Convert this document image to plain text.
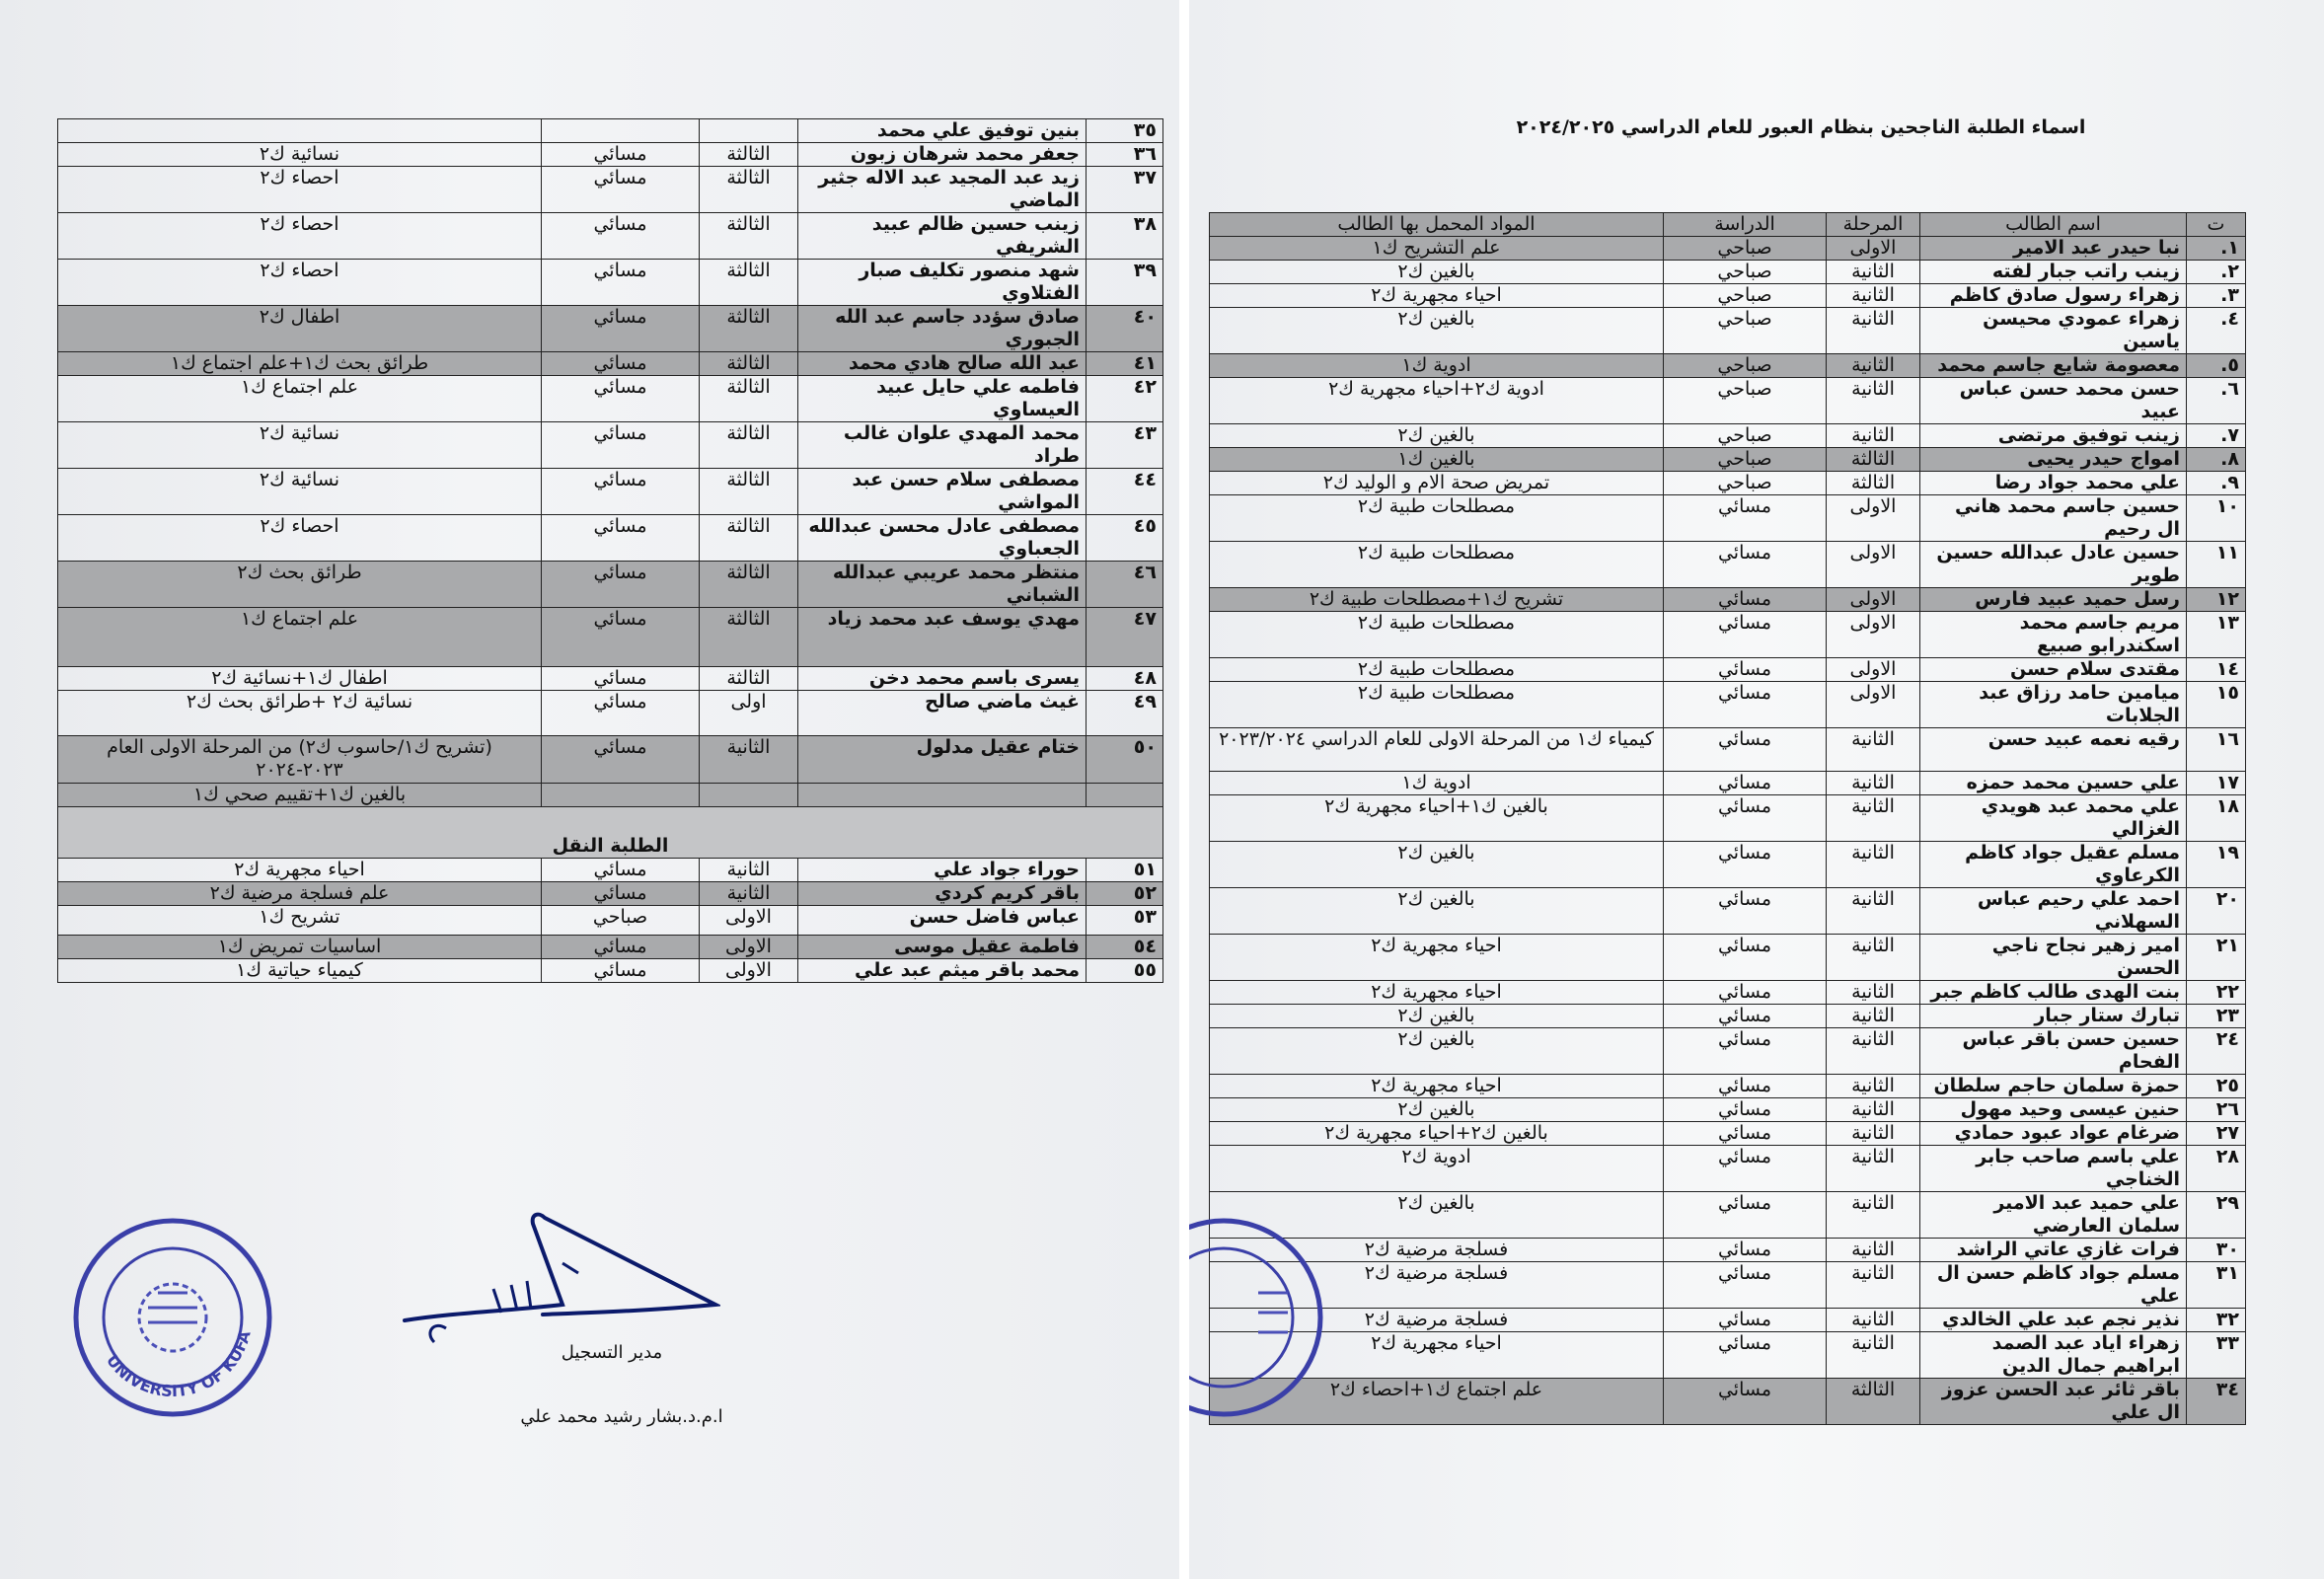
٣٥	بنين توفيق علي محمد			
٣٦	جعفر محمد شرهان زبون	الثالثة	مسائي	نسائية ك٢
٣٧	زيد عبد المجيد عبد الاله جثير الماضي	الثالثة	مسائي	احصاء ك٢
٣٨	زينب حسين ظالم عبيد الشريفي	الثالثة	مسائي	احصاء ك٢
٣٩	شهد منصور تكليف صبار الفتلاوي	الثالثة	مسائي	احصاء ك٢
٤٠	صادق سؤدد جاسم عبد الله الجبوري	الثالثة	مسائي	اطفال ك٢
٤١	عبد الله صالح هادي محمد	الثالثة	مسائي	طرائق بحث ك١+علم اجتماع ك١
٤٢	فاطمه علي حايل عبيد العيساوي	الثالثة	مسائي	علم اجتماع ك١
٤٣	محمد المهدي علوان غالب طراد	الثالثة	مسائي	نسائية ك٢
٤٤	مصطفى سلام حسن عبد المواشي	الثالثة	مسائي	نسائية ك٢
٤٥	مصطفى عادل محسن عبدالله الجعباوي	الثالثة	مسائي	احصاء ك٢
٤٦	منتظر محمد عريبي عبدالله الشباني	الثالثة	مسائي	طرائق بحث ك٢
٤٧	مهدي يوسف عبد محمد زياد	الثالثة	مسائي	علم اجتماع ك١
٤٨	يسرى باسم محمد دخن	الثالثة	مسائي	اطفال ك١+نسائية ك٢
٤٩	غيث ماضي صالح	اولى	مسائي	نسائية ك٢ +طرائق بحث ك٢
٥٠	ختام عقيل مدلول	الثانية	مسائي	(تشريح ك١/حاسوب ك٢) من المرحلة الاولى العام ٢٠٢٣-٢٠٢٤
				بالغين ك١+تقييم صحي ك١
الطلبة النقل				
٥١	حوراء جواد علي	الثانية	مسائي	احياء مجهرية ك٢
٥٢	باقر كريم كردي	الثانية	مسائي	علم فسلجة مرضية ك٢
٥٣	عباس فاضل حسن	الاولى	صباحي	تشريح ك١
٥٤	فاطمة عقيل موسى	الاولى	مسائي	اساسيات تمريض ك١
٥٥	محمد باقر ميثم عبد علي	الاولى	مسائي	كيمياء حياتية ك١
مدير التسجيل
ا.م.د.بشار رشيد محمد علي
UNIVERSITY OF KUFA
اسماء الطلبة الناجحين بنظام العبور للعام الدراسي ٢٠٢٤/٢٠٢٥
ت	اسم الطالب	المرحلة	الدراسة	المواد المحمل بها الطالب
١.	نبا حيدر عبد الامير	الاولى	صباحي	علم التشريح ك١
٢.	زينب راتب جبار لفته	الثانية	صباحي	بالغين ك٢
٣.	زهراء رسول صادق كاظم	الثانية	صباحي	احياء مجهرية ك٢
٤.	زهراء عمودي محيسن ياسين	الثانية	صباحي	بالغين ك٢
٥.	معصومة شايع جاسم محمد	الثانية	صباحي	ادوية ك١
٦.	حسن محمد حسن عباس عبيد	الثانية	صباحي	ادوية ك٢+احياء مجهرية ك٢
٧.	زينب توفيق مرتضى	الثانية	صباحي	بالغين ك٢
٨.	امواج حيدر يحيى	الثالثة	صباحي	بالغين ك١
٩.	علي محمد جواد رضا	الثالثة	صباحي	تمريض صحة الام و الوليد ك٢
١٠	حسين جاسم محمد هاني ال رحيم	الاولى	مسائي	مصطلحات طبية ك٢
١١	حسين عادل عبدالله حسين طوير	الاولى	مسائي	مصطلحات طبية ك٢
١٢	رسل حميد عبيد فارس	الاولى	مسائي	تشريح ك١+مصطلحات طبية ك٢
١٣	مريم جاسم محمد اسكندرابو صبيع	الاولى	مسائي	مصطلحات طبية ك٢
١٤	مقتدى سلام حسن	الاولى	مسائي	مصطلحات طبية ك٢
١٥	ميامين حامد رزاق عبد الجلابات	الاولى	مسائي	مصطلحات طبية ك٢
١٦	رقيه نعمه عبيد حسن	الثانية	مسائي	كيمياء ك١ من المرحلة الاولى للعام الدراسي ٢٠٢٣/٢٠٢٤
١٧	علي حسين محمد حمزه	الثانية	مسائي	ادوية ك١
١٨	علي محمد عبد هويدي الغزالي	الثانية	مسائي	بالغين ك١+احياء مجهرية ك٢
١٩	مسلم عقيل جواد كاظم الكرعاوي	الثانية	مسائي	بالغين ك٢
٢٠	احمد علي رحيم عباس السهلاني	الثانية	مسائي	بالغين ك٢
٢١	امير زهير نجاح ناجي الحسن	الثانية	مسائي	احياء مجهرية ك٢
٢٢	بنت الهدى طالب كاظم جبر	الثانية	مسائي	احياء مجهرية ك٢
٢٣	تبارك ستار جبار	الثانية	مسائي	بالغين ك٢
٢٤	حسين حسن باقر عباس الفحام	الثانية	مسائي	بالغين ك٢
٢٥	حمزة سلمان حاجم سلطان	الثانية	مسائي	احياء مجهرية ك٢
٢٦	حنين عيسى وحيد مهول	الثانية	مسائي	بالغين ك٢
٢٧	ضرغام عواد عبود حمادي	الثانية	مسائي	بالغين ك٢+احياء مجهرية ك٢
٢٨	علي باسم صاحب جابر الخناجي	الثانية	مسائي	ادوية ك٢
٢٩	علي حميد عبد الامير سلمان العارضي	الثانية	مسائي	بالغين ك٢
٣٠	فرات غازي عاتي الراشد	الثانية	مسائي	فسلجة مرضية ك٢
٣١	مسلم جواد كاظم حسن ال علي	الثانية	مسائي	فسلجة مرضية ك٢
٣٢	نذير نجم عبد علي الخالدي	الثانية	مسائي	فسلجة مرضية ك٢
٣٣	زهراء اياد عبد الصمد ابراهيم جمال الدين	الثانية	مسائي	احياء مجهرية ك٢
٣٤	باقر ثائر عبد الحسن عزوز ال علي	الثالثة	مسائي	علم اجتماع ك١+احصاء ك٢
